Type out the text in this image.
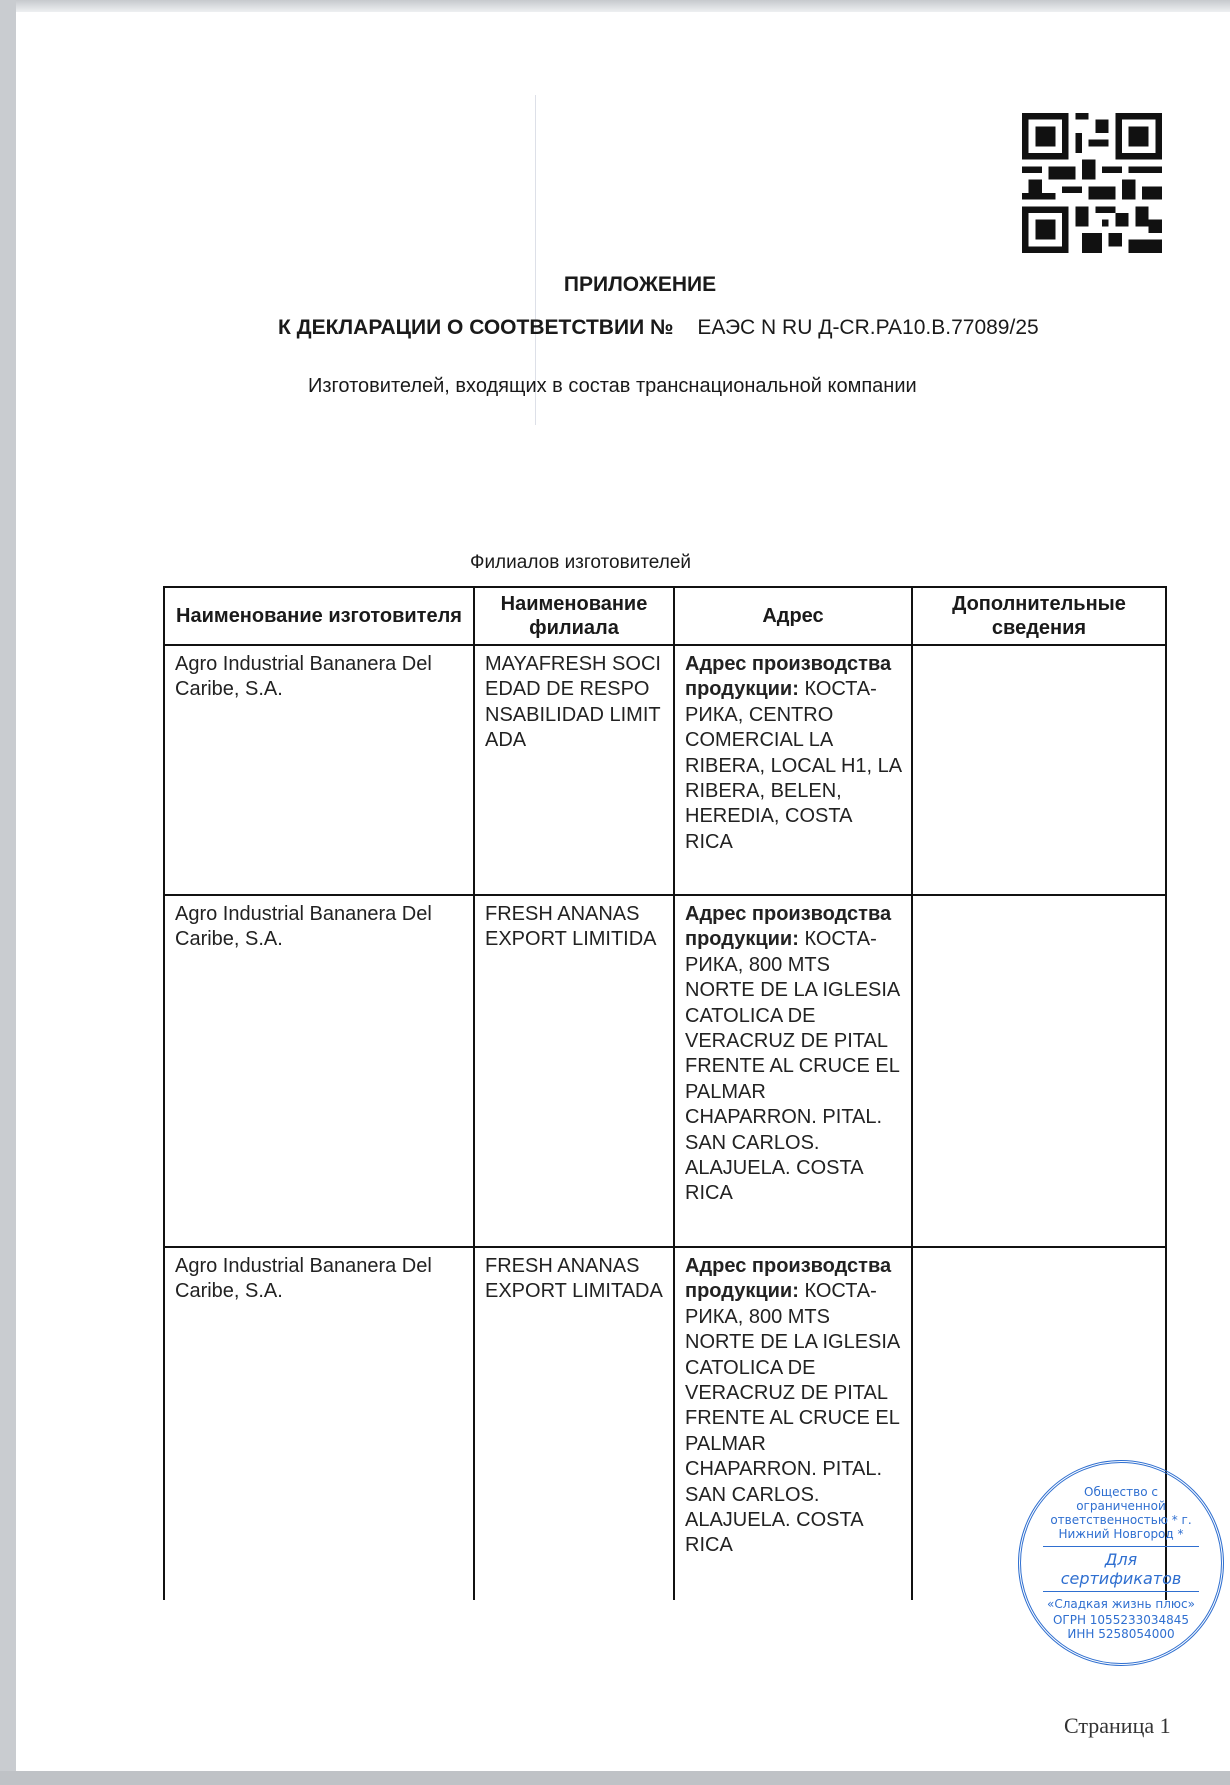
ПРИЛОЖЕНИЕ
К ДЕКЛАРАЦИИ О СООТВЕТСТВИИ № ЕАЭС N RU Д-CR.PA10.B.77089/25
Изготовителей, входящих в состав транснациональной компании
Филиалов изготовителей
Наименование изготовителя	Наименование филиала	Адрес	Дополнительные сведения
Agro Industrial Bananera Del Caribe, S.A.	MAYAFRESH SOCIEDAD DE RESPONSABILIDAD LIMITADA	Адрес производства продукции: КОСТА-РИКА, CENTRO COMERCIAL LA RIBERA, LOCAL H1, LA RIBERA, BELEN, HEREDIA, COSTA RICA	
Agro Industrial Bananera Del Caribe, S.A.	FRESH ANANAS EXPORT LIMITIDA	Адрес производства продукции: КОСТА-РИКА, 800 MTS NORTE DE LA IGLESIA CATOLICA DE VERACRUZ DE PITAL FRENTE AL CRUCE EL PALMAR CHAPARRON. PITAL. SAN CARLOS. ALAJUELA. COSTA RICA	
Agro Industrial Bananera Del Caribe, S.A.	FRESH ANANAS EXPORT LIMITADA	Адрес производства продукции: КОСТА-РИКА, 800 MTS NORTE DE LA IGLESIA CATOLICA DE VERACRUZ DE PITAL FRENTE AL CRUCE EL PALMAR CHAPARRON. PITAL. SAN CARLOS. ALAJUELA. COSTA RICA	
Общество с ограниченной ответственностью * г. Нижний Новгород *
Для сертификатов
«Сладкая жизнь плюс»
ОГРН 1055233034845 ИНН 5258054000
Страница 1
